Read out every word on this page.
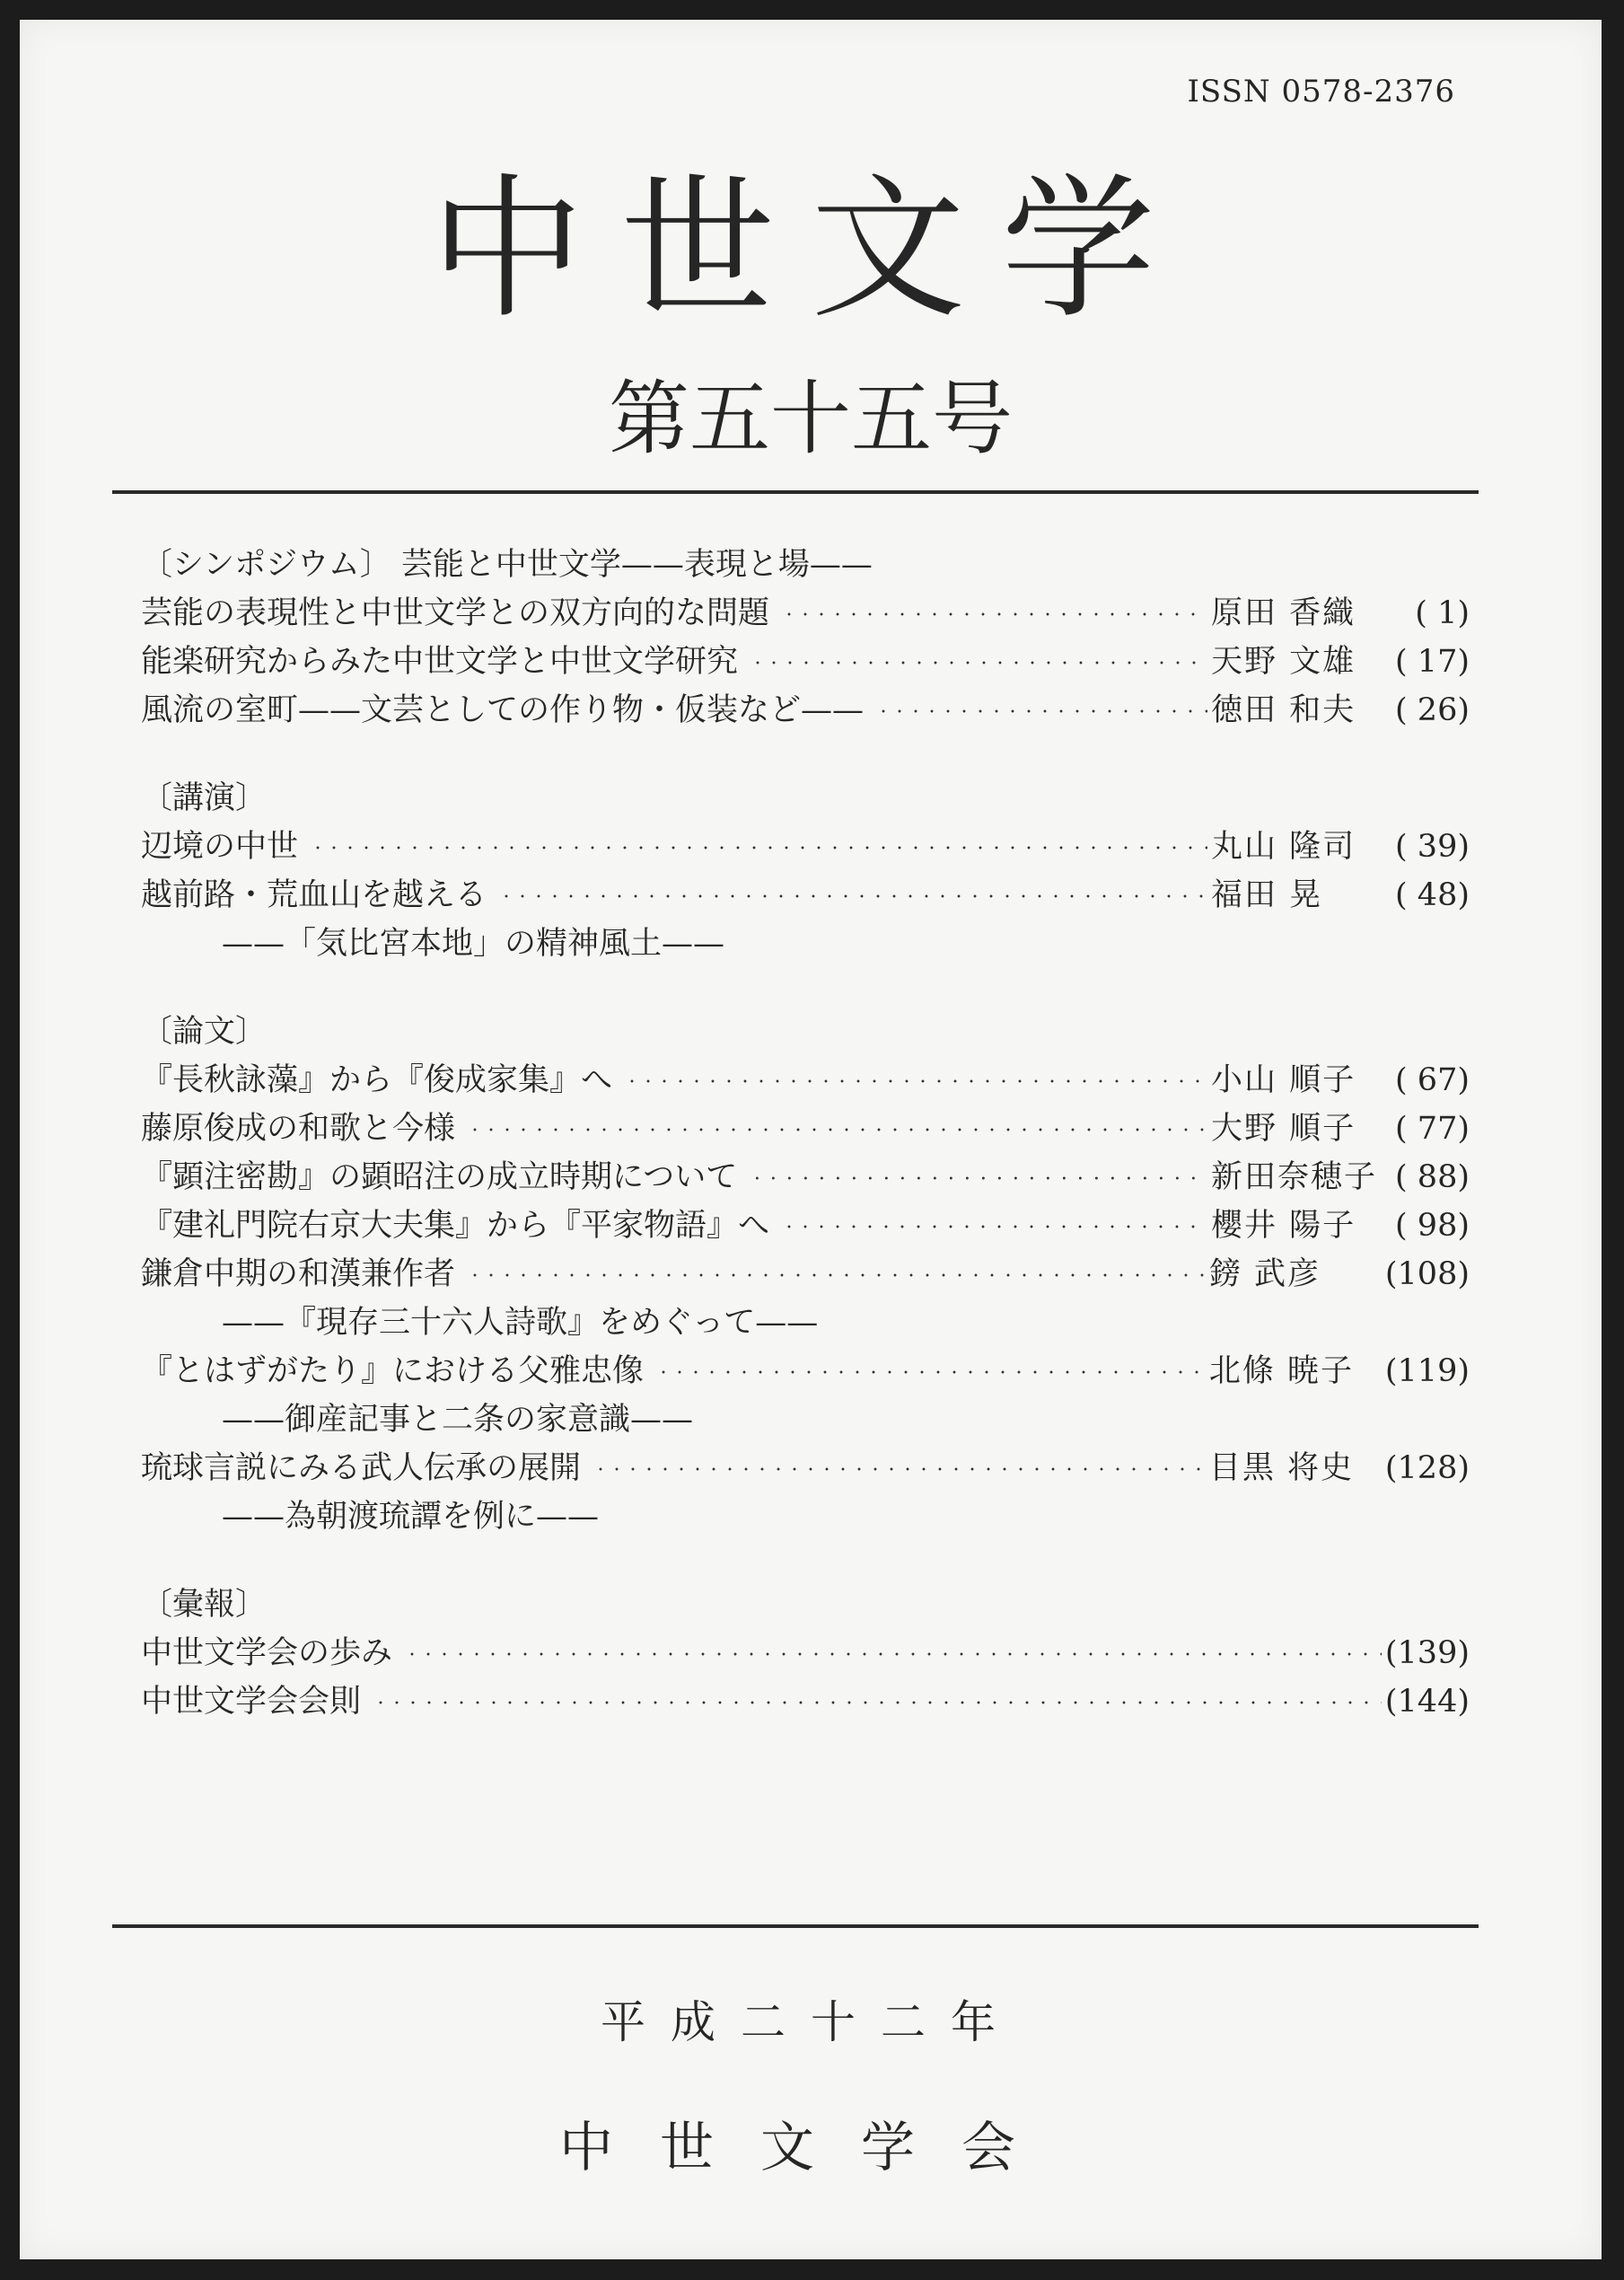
ISSN 0578-2376
中世文学
第五十五号
〔シンポジウム〕 芸能と中世文学——表現と場——
芸能の表現性と中世文学との双方向的な問題 ・・・・・・・・・・・・・・・・・・・・・・・・・・・・・・・・・・・・・・・・・・・・・・・・・・・・・・・・・・・・・・・・・・・・・・・・・・・・・・・・・・・・・・・・・・・・・・・・・・・	原田 香織	( 1)
能楽研究からみた中世文学と中世文学研究 ・・・・・・・・・・・・・・・・・・・・・・・・・・・・・・・・・・・・・・・・・・・・・・・・・・・・・・・・・・・・・・・・・・・・・・・・・・・・・・・・・・・・・・・・・・・・・・・・・・・	天野 文雄	( 17)
風流の室町——文芸としての作り物・仮装など—— ・・・・・・・・・・・・・・・・・・・・・・・・・・・・・・・・・・・・・・・・・・・・・・・・・・・・・・・・・・・・・・・・・・・・・・・・・・・・・・・・・・・・・・・・・・・・・・・・・・・	徳田 和夫	( 26)
〔講演〕
辺境の中世 ・・・・・・・・・・・・・・・・・・・・・・・・・・・・・・・・・・・・・・・・・・・・・・・・・・・・・・・・・・・・・・・・・・・・・・・・・・・・・・・・・・・・・・・・・・・・・・・・・・・	丸山 隆司	( 39)
越前路・荒血山を越える ・・・・・・・・・・・・・・・・・・・・・・・・・・・・・・・・・・・・・・・・・・・・・・・・・・・・・・・・・・・・・・・・・・・・・・・・・・・・・・・・・・・・・・・・・・・・・・・・・・・	福田 晃	( 48)
——「気比宮本地」の精神風土——
〔論文〕
『長秋詠藻』から『俊成家集』へ ・・・・・・・・・・・・・・・・・・・・・・・・・・・・・・・・・・・・・・・・・・・・・・・・・・・・・・・・・・・・・・・・・・・・・・・・・・・・・・・・・・・・・・・・・・・・・・・・・・・	小山 順子	( 67)
藤原俊成の和歌と今様 ・・・・・・・・・・・・・・・・・・・・・・・・・・・・・・・・・・・・・・・・・・・・・・・・・・・・・・・・・・・・・・・・・・・・・・・・・・・・・・・・・・・・・・・・・・・・・・・・・・・	大野 順子	( 77)
『顕注密勘』の顕昭注の成立時期について ・・・・・・・・・・・・・・・・・・・・・・・・・・・・・・・・・・・・・・・・・・・・・・・・・・・・・・・・・・・・・・・・・・・・・・・・・・・・・・・・・・・・・・・・・・・・・・・・・・・	新田奈穂子 ( 88)
『建礼門院右京大夫集』から『平家物語』へ ・・・・・・・・・・・・・・・・・・・・・・・・・・・・・・・・・・・・・・・・・・・・・・・・・・・・・・・・・・・・・・・・・・・・・・・・・・・・・・・・・・・・・・・・・・・・・・・・・・・	櫻井 陽子	( 98)
鎌倉中期の和漢兼作者 ・・・・・・・・・・・・・・・・・・・・・・・・・・・・・・・・・・・・・・・・・・・・・・・・・・・・・・・・・・・・・・・・・・・・・・・・・・・・・・・・・・・・・・・・・・・・・・・・・・・	鎊 武彦	(108)
——『現存三十六人詩歌』をめぐって——
『とはずがたり』における父雅忠像 ・・・・・・・・・・・・・・・・・・・・・・・・・・・・・・・・・・・・・・・・・・・・・・・・・・・・・・・・・・・・・・・・・・・・・・・・・・・・・・・・・・・・・・・・・・・・・・・・・・・	北條 暁子 (119)
——御産記事と二条の家意識——
琉球言説にみる武人伝承の展開 ・・・・・・・・・・・・・・・・・・・・・・・・・・・・・・・・・・・・・・・・・・・・・・・・・・・・・・・・・・・・・・・・・・・・・・・・・・・・・・・・・・・・・・・・・・・・・・・・・・・	目黒 将史 (128)
——為朝渡琉譚を例に——
〔彙報〕
中世文学会の歩み ・・・・・・・・・・・・・・・・・・・・・・・・・・・・・・・・・・・・・・・・・・・・・・・・・・・・・・・・・・・・・・・・・・・・・・・・・・・・・・・・・・・・・・・・・・・・・・・・・・・	(139)
中世文学会会則 ・・・・・・・・・・・・・・・・・・・・・・・・・・・・・・・・・・・・・・・・・・・・・・・・・・・・・・・・・・・・・・・・・・・・・・・・・・・・・・・・・・・・・・・・・・・・・・・・・・・	(144)
平成二十二年
中世文学会
